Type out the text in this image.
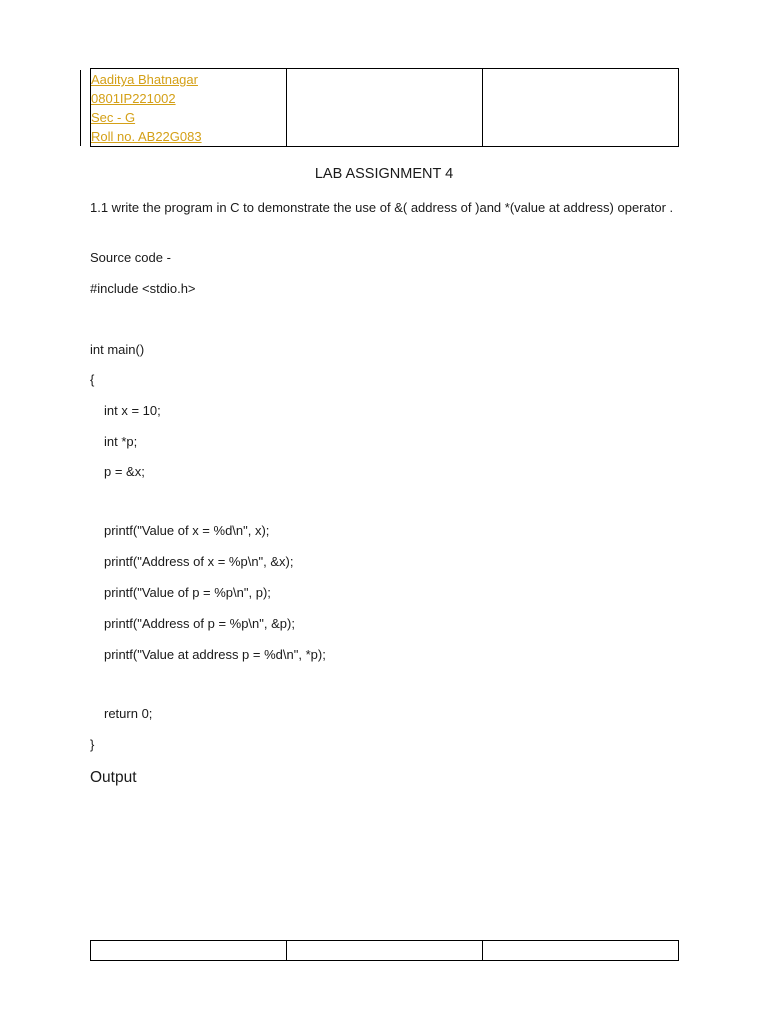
Aaditya Bhatnagar
0801IP221002
Sec - G
Roll no. AB22G083

LAB ASSIGNMENT 4
1.1 write the program in C to demonstrate the use of &( address of )and *(value at address) operator .
Source code -
#include <stdio.h>
int main()
{
int x = 10;
int *p;
p = &x;
printf("Value of x = %d\n", x);
printf("Address of x = %p\n", &x);
printf("Value of p = %p\n", p);
printf("Address of p = %p\n", &p);
printf("Value at address p = %d\n", *p);
return 0;
}
Output
